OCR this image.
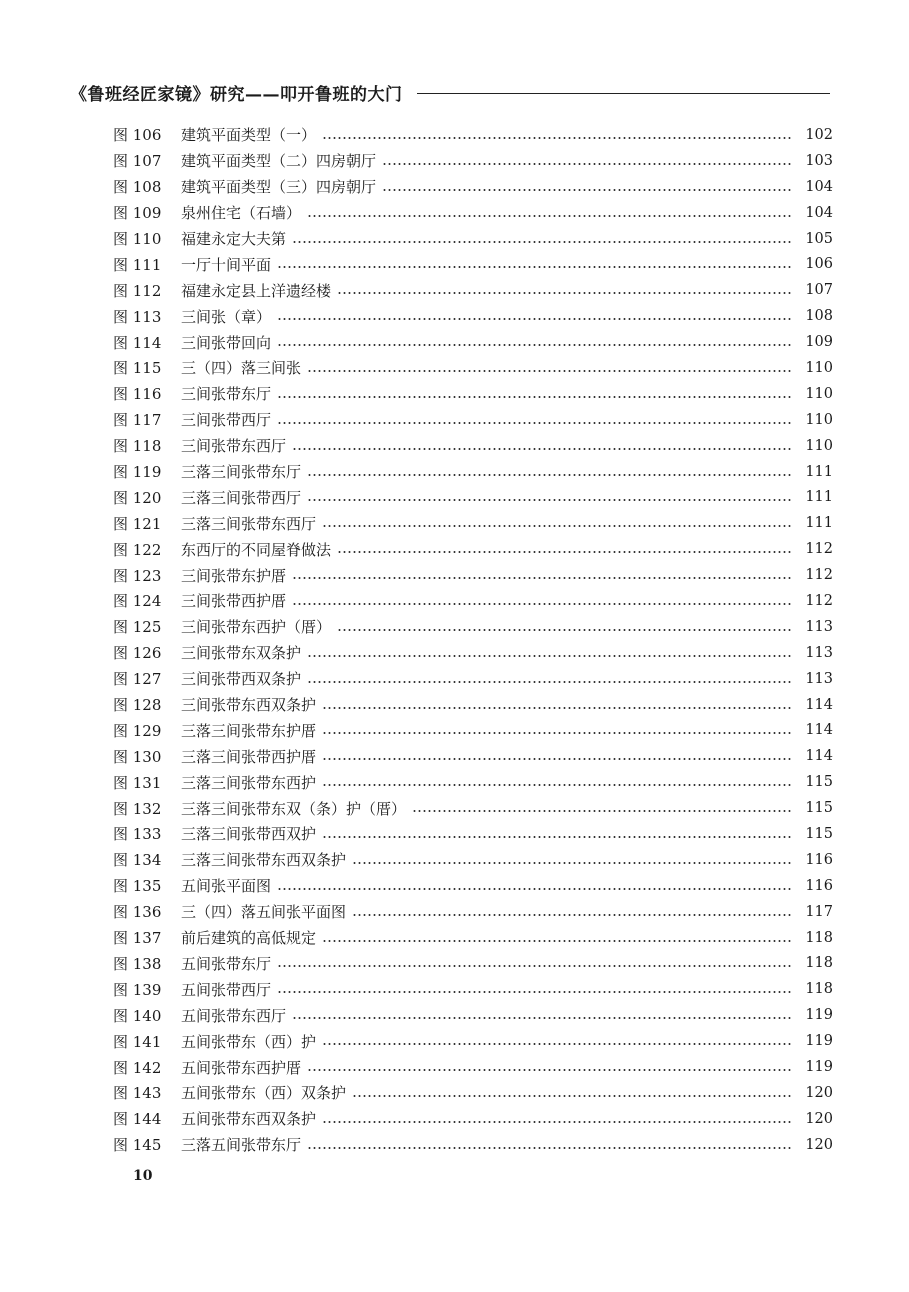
《鲁班经匠家镜》研究——叩开鲁班的大门
图 106	建筑平面类型（一）	102
图 107	建筑平面类型（二）四房朝厅	103
图 108	建筑平面类型（三）四房朝厅	104
图 109	泉州住宅（石墙）	104
图 110	福建永定大夫第	105
图 111	一厅十间平面	106
图 112	福建永定县上洋遗经楼	107
图 113	三间张（章）	108
图 114	三间张带回向	109
图 115	三（四）落三间张	110
图 116	三间张带东厅	110
图 117	三间张带西厅	110
图 118	三间张带东西厅	110
图 119	三落三间张带东厅	111
图 120	三落三间张带西厅	111
图 121	三落三间张带东西厅	111
图 122	东西厅的不同屋脊做法	112
图 123	三间张带东护厝	112
图 124	三间张带西护厝	112
图 125	三间张带东西护（厝）	113
图 126	三间张带东双条护	113
图 127	三间张带西双条护	113
图 128	三间张带东西双条护	114
图 129	三落三间张带东护厝	114
图 130	三落三间张带西护厝	114
图 131	三落三间张带东西护	115
图 132	三落三间张带东双（条）护（厝）	115
图 133	三落三间张带西双护	115
图 134	三落三间张带东西双条护	116
图 135	五间张平面图	116
图 136	三（四）落五间张平面图	117
图 137	前后建筑的高低规定	118
图 138	五间张带东厅	118
图 139	五间张带西厅	118
图 140	五间张带东西厅	119
图 141	五间张带东（西）护	119
图 142	五间张带东西护厝	119
图 143	五间张带东（西）双条护	120
图 144	五间张带东西双条护	120
图 145	三落五间张带东厅	120
10
